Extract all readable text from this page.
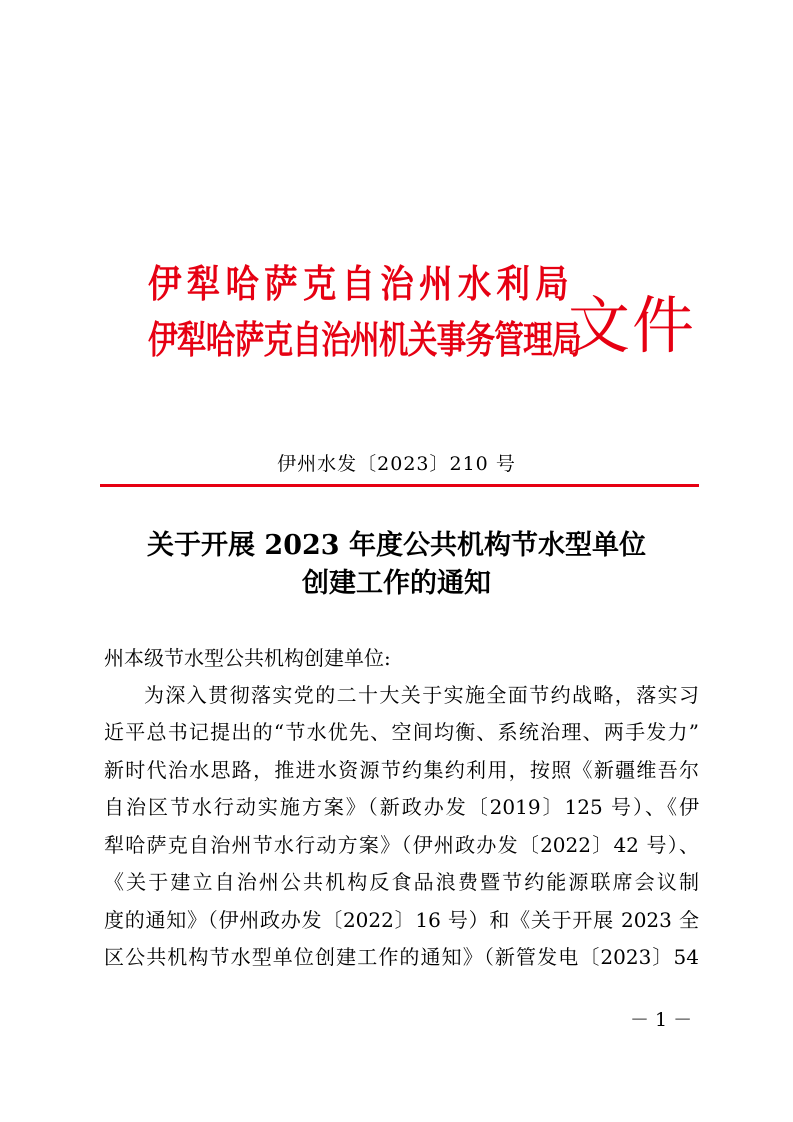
伊犁哈萨克自治州水利局
伊犁哈萨克自治州机关事务管理局
文件
伊州水发〔2023〕210 号
关于开展 2023 年度公共机构节水型单位
创建工作的通知
州本级节水型公共机构创建单位:
为深入贯彻落实党的二十大关于实施全面节约战略，落实习
近平总书记提出的“节水优先、空间均衡、系统治理、两手发力”
新时代治水思路，推进水资源节约集约利用，按照《新疆维吾尔
自治区节水行动实施方案》（新政办发〔2019〕125 号）、《伊
犁哈萨克自治州节水行动方案》（伊州政办发〔2022〕42 号）、
《关于建立自治州公共机构反食品浪费暨节约能源联席会议制
度的通知》（伊州政办发〔2022〕16 号）和《关于开展 2023 全
区公共机构节水型单位创建工作的通知》（新管发电〔2023〕54
－ 1 －
